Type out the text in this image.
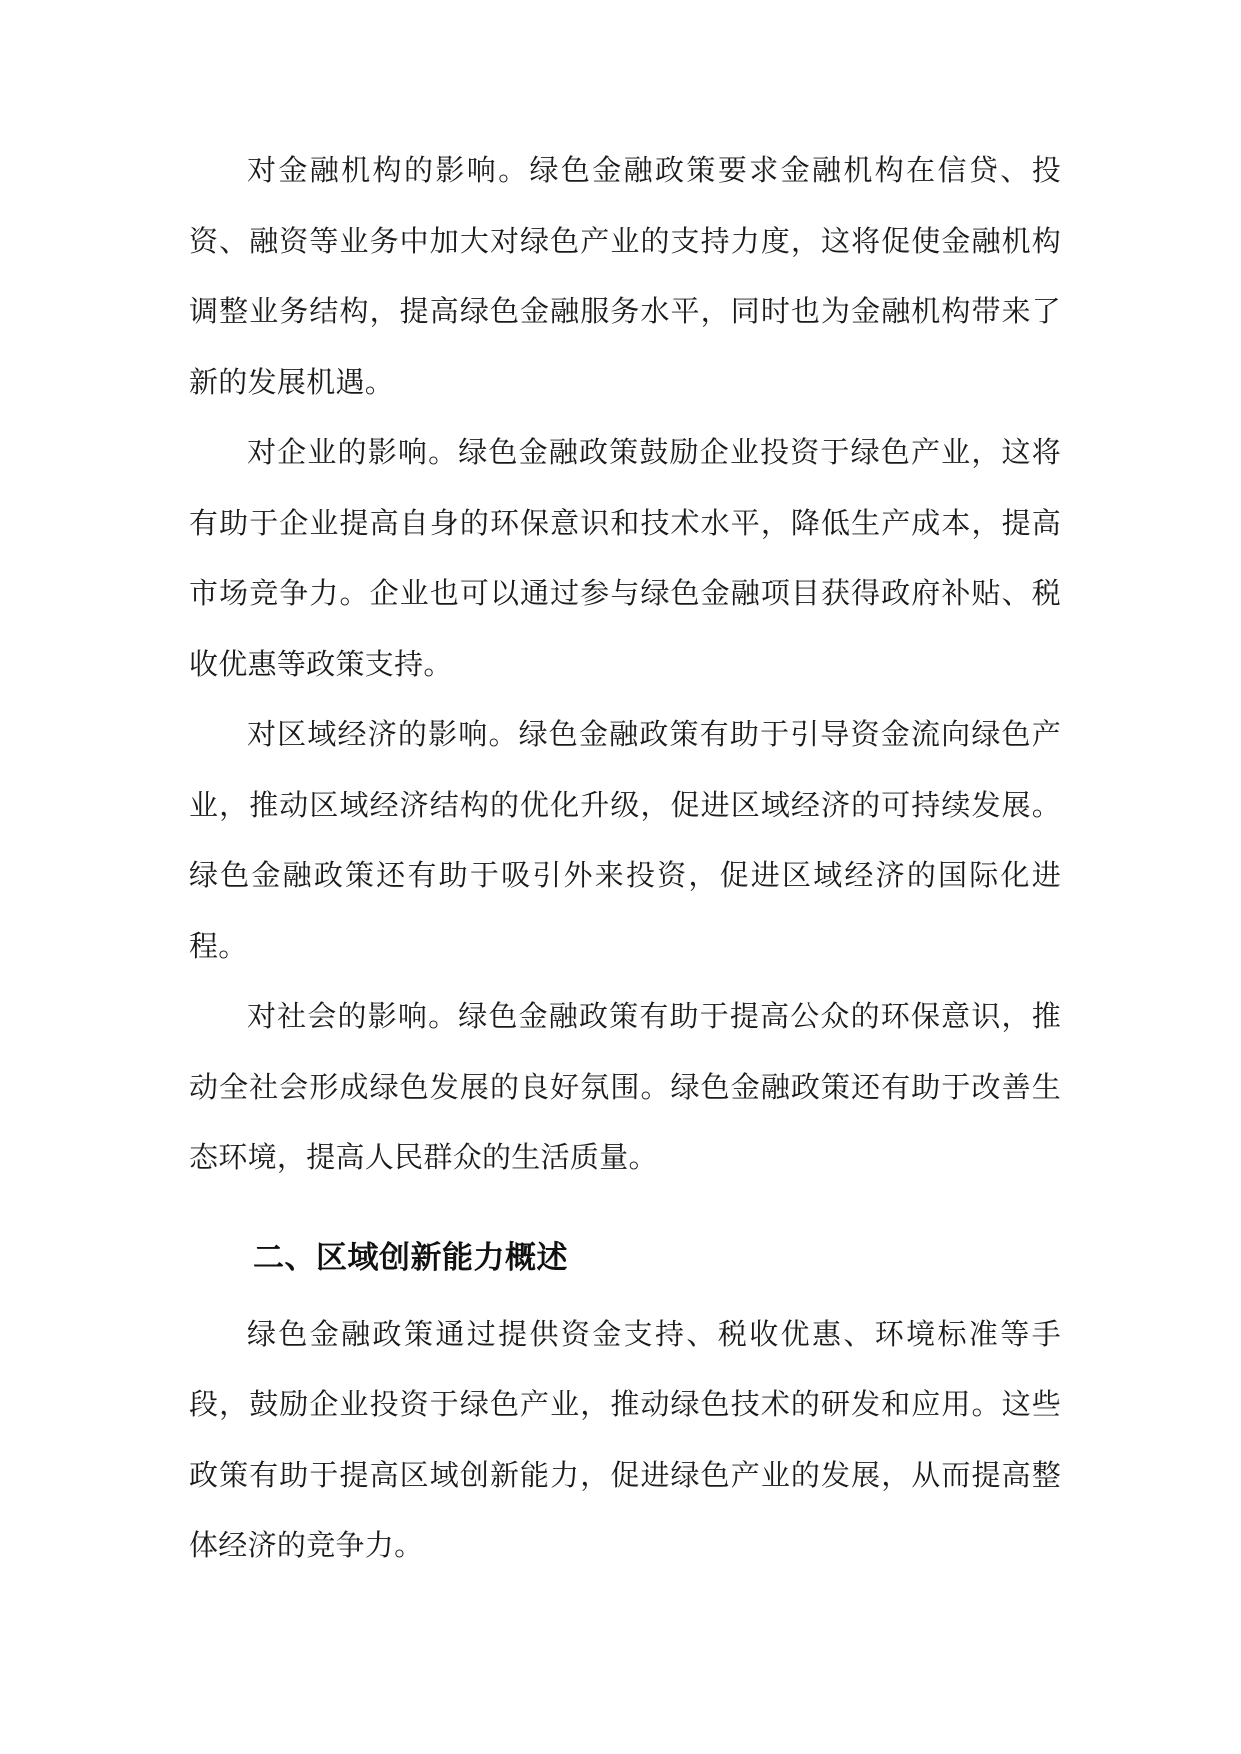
对金融机构的影响。绿色金融政策要求金融机构在信贷、投资、融资等业务中加大对绿色产业的支持力度，这将促使金融机构调整业务结构，提高绿色金融服务水平，同时也为金融机构带来了新的发展机遇。

对企业的影响。绿色金融政策鼓励企业投资于绿色产业，这将有助于企业提高自身的环保意识和技术水平，降低生产成本，提高市场竞争力。企业也可以通过参与绿色金融项目获得政府补贴、税收优惠等政策支持。

对区域经济的影响。绿色金融政策有助于引导资金流向绿色产业，推动区域经济结构的优化升级，促进区域经济的可持续发展。绿色金融政策还有助于吸引外来投资，促进区域经济的国际化进程。

对社会的影响。绿色金融政策有助于提高公众的环保意识，推动全社会形成绿色发展的良好氛围。绿色金融政策还有助于改善生态环境，提高人民群众的生活质量。

二、区域创新能力概述

绿色金融政策通过提供资金支持、税收优惠、环境标准等手段，鼓励企业投资于绿色产业，推动绿色技术的研发和应用。这些政策有助于提高区域创新能力，促进绿色产业的发展，从而提高整体经济的竞争力。
